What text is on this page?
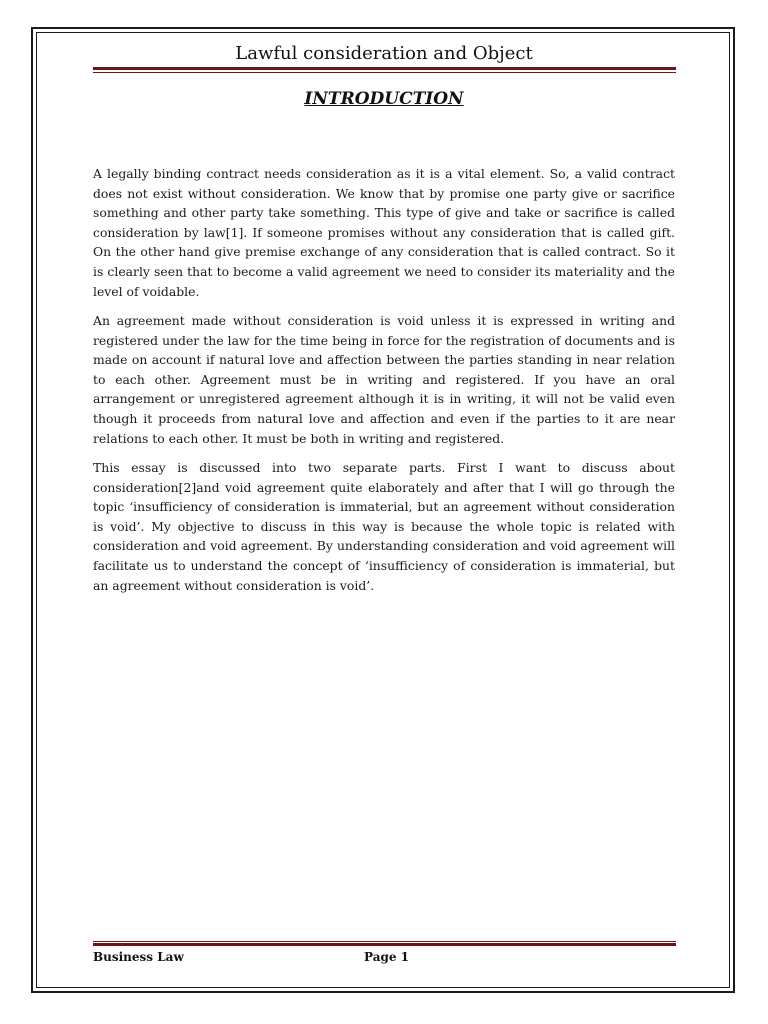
Lawful consideration and Object
INTRODUCTION

A legally binding contract needs consideration as it is a vital element. So, a valid contract does not exist without consideration. We know that by promise one party give or sacrifice something and other party take something. This type of give and take or sacrifice is called consideration by law[1]. If someone promises without any consideration that is called gift. On the other hand give premise exchange of any consideration that is called contract. So it is clearly seen that to become a valid agreement we need to consider its materiality and the level of voidable.

An agreement made without consideration is void unless it is expressed in writing and registered under the law for the time being in force for the registration of documents and is made on account if natural love and affection between the parties standing in near relation to each other. Agreement must be in writing and registered. If you have an oral arrangement or unregistered agreement although it is in writing, it will not be valid even though it proceeds from natural love and affection and even if the parties to it are near relations to each other. It must be both in writing and registered.

This essay is discussed into two separate parts. First I want to discuss about consideration[2]and void agreement quite elaborately and after that I will go through the topic ‘insufficiency of consideration is immaterial, but an agreement without consideration is void’. My objective to discuss in this way is because the whole topic is related with consideration and void agreement. By understanding consideration and void agreement will facilitate us to understand the concept of ‘insufficiency of consideration is immaterial, but an agreement without consideration is void’.

Business Law	Page 1
